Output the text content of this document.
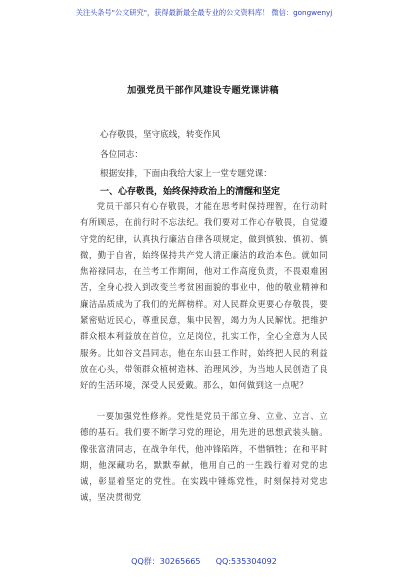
关注头条号"公文研究"，获得最新最全最专业的公文资料库！ 微信：gongwenyj
加强党员干部作风建设专题党课讲稿
心存敬畏，坚守底线，转变作风
各位同志：
根据安排，下面由我给大家上一堂专题党课：
一、心存敬畏，始终保持政治上的清醒和坚定
党员干部只有心存敬畏，才能在思考时保持理智，在行动时有所顾忌，在前行时不忘法纪。我们要对工作心存敬畏，自觉遵守党的纪律，认真执行廉洁自律各项规定，做到慎独、慎初、慎微，勤于自省，始终保持共产党人清正廉洁的政治本色。就如同焦裕禄同志，在兰考工作期间，他对工作高度负责，不畏艰难困苦，全身心投入到改变兰考贫困面貌的事业中，他的敬业精神和廉洁品质成为了我们的光辉榜样。对人民群众更要心存敬畏，要紧密贴近民心，尊重民意，集中民智，竭力为人民解忧。把维护群众根本利益放在首位，立足岗位，扎实工作，全心全意为人民服务。比如谷文昌同志，他在东山县工作时，始终把人民的利益放在心头，带领群众植树造林、治理风沙，为当地人民创造了良好的生活环境，深受人民爱戴。那么，如何做到这一点呢？
一要加强党性修养。党性是党员干部立身、立业、立言、立德的基石。我们要不断学习党的理论，用先进的思想武装头脑。像张富清同志，在战争年代，他冲锋陷阵，不惜牺牲；在和平时期，他深藏功名，默默奉献，他用自己的一生践行着对党的忠诚，彰显着坚定的党性。在实践中锤炼党性，时刻保持对党忠诚，坚决贯彻党
QQ群：30265665      QQ:535304092
